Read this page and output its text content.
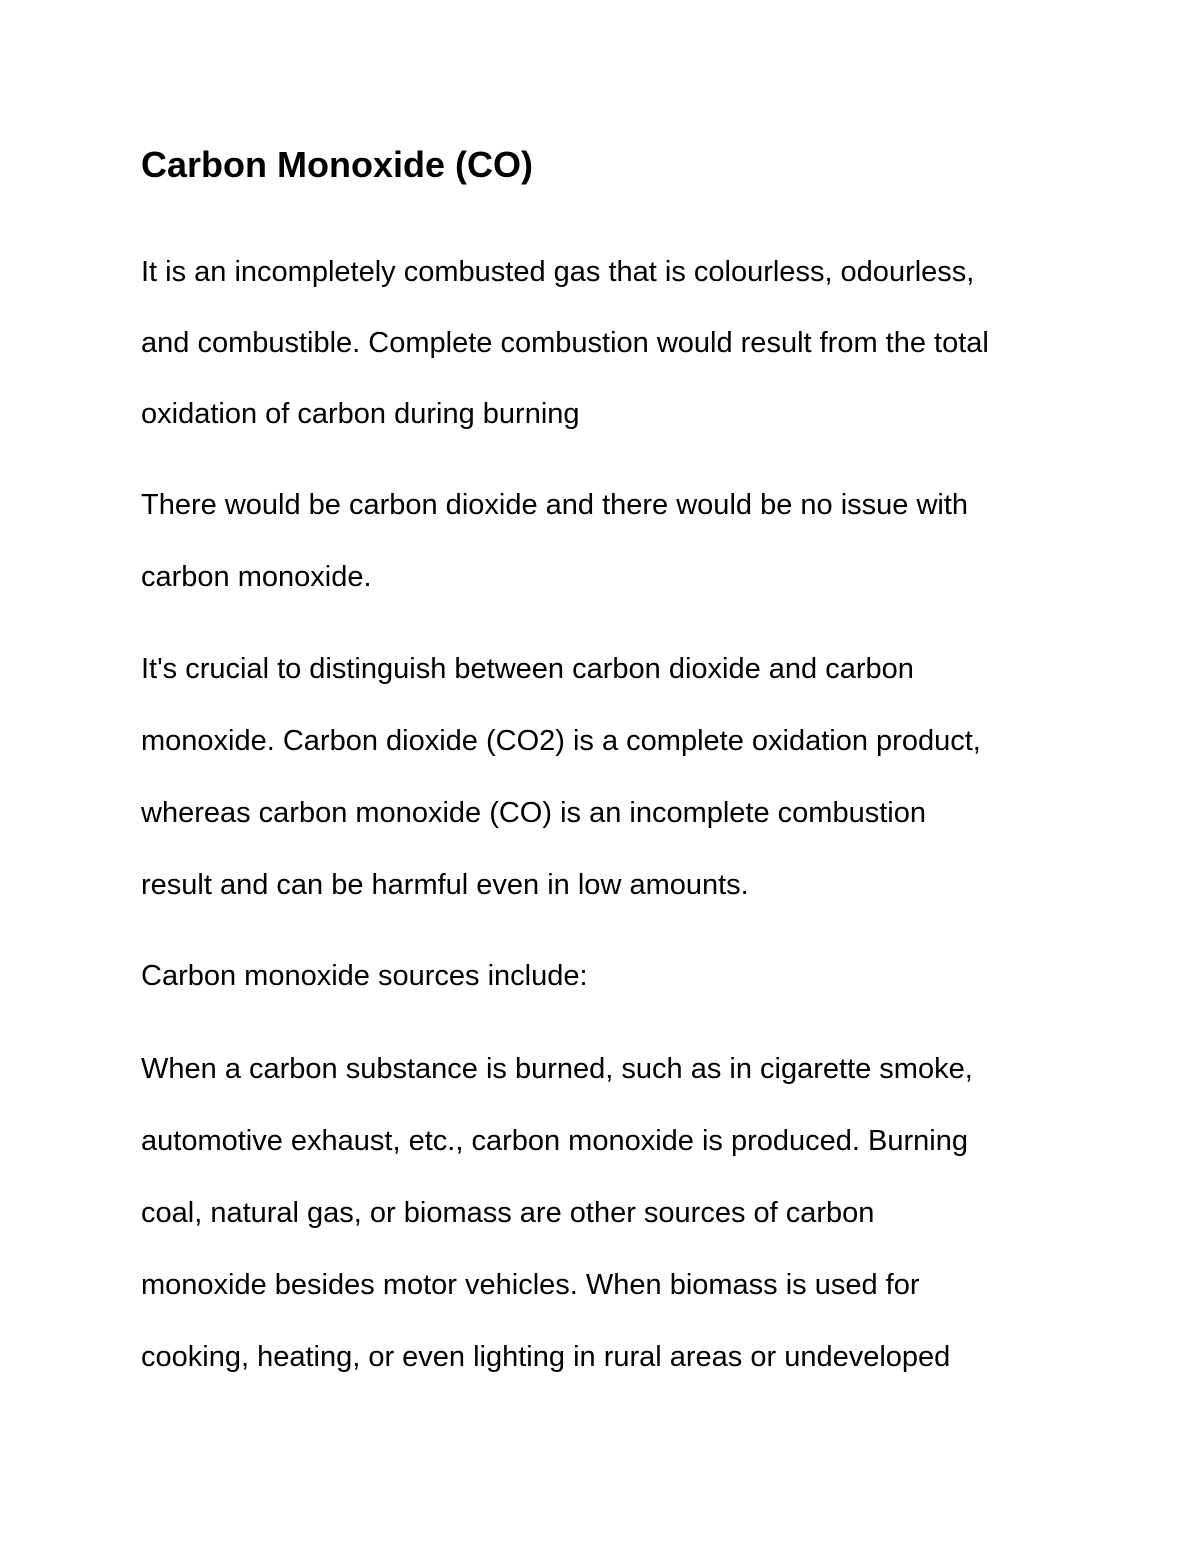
Carbon Monoxide (CO)

It is an incompletely combusted gas that is colourless, odourless,

and combustible. Complete combustion would result from the total

oxidation of carbon during burning

There would be carbon dioxide and there would be no issue with

carbon monoxide.

It's crucial to distinguish between carbon dioxide and carbon

monoxide. Carbon dioxide (CO2) is a complete oxidation product,

whereas carbon monoxide (CO) is an incomplete combustion

result and can be harmful even in low amounts.

Carbon monoxide sources include:

When a carbon substance is burned, such as in cigarette smoke,

automotive exhaust, etc., carbon monoxide is produced. Burning

coal, natural gas, or biomass are other sources of carbon

monoxide besides motor vehicles. When biomass is used for

cooking, heating, or even lighting in rural areas or undeveloped
